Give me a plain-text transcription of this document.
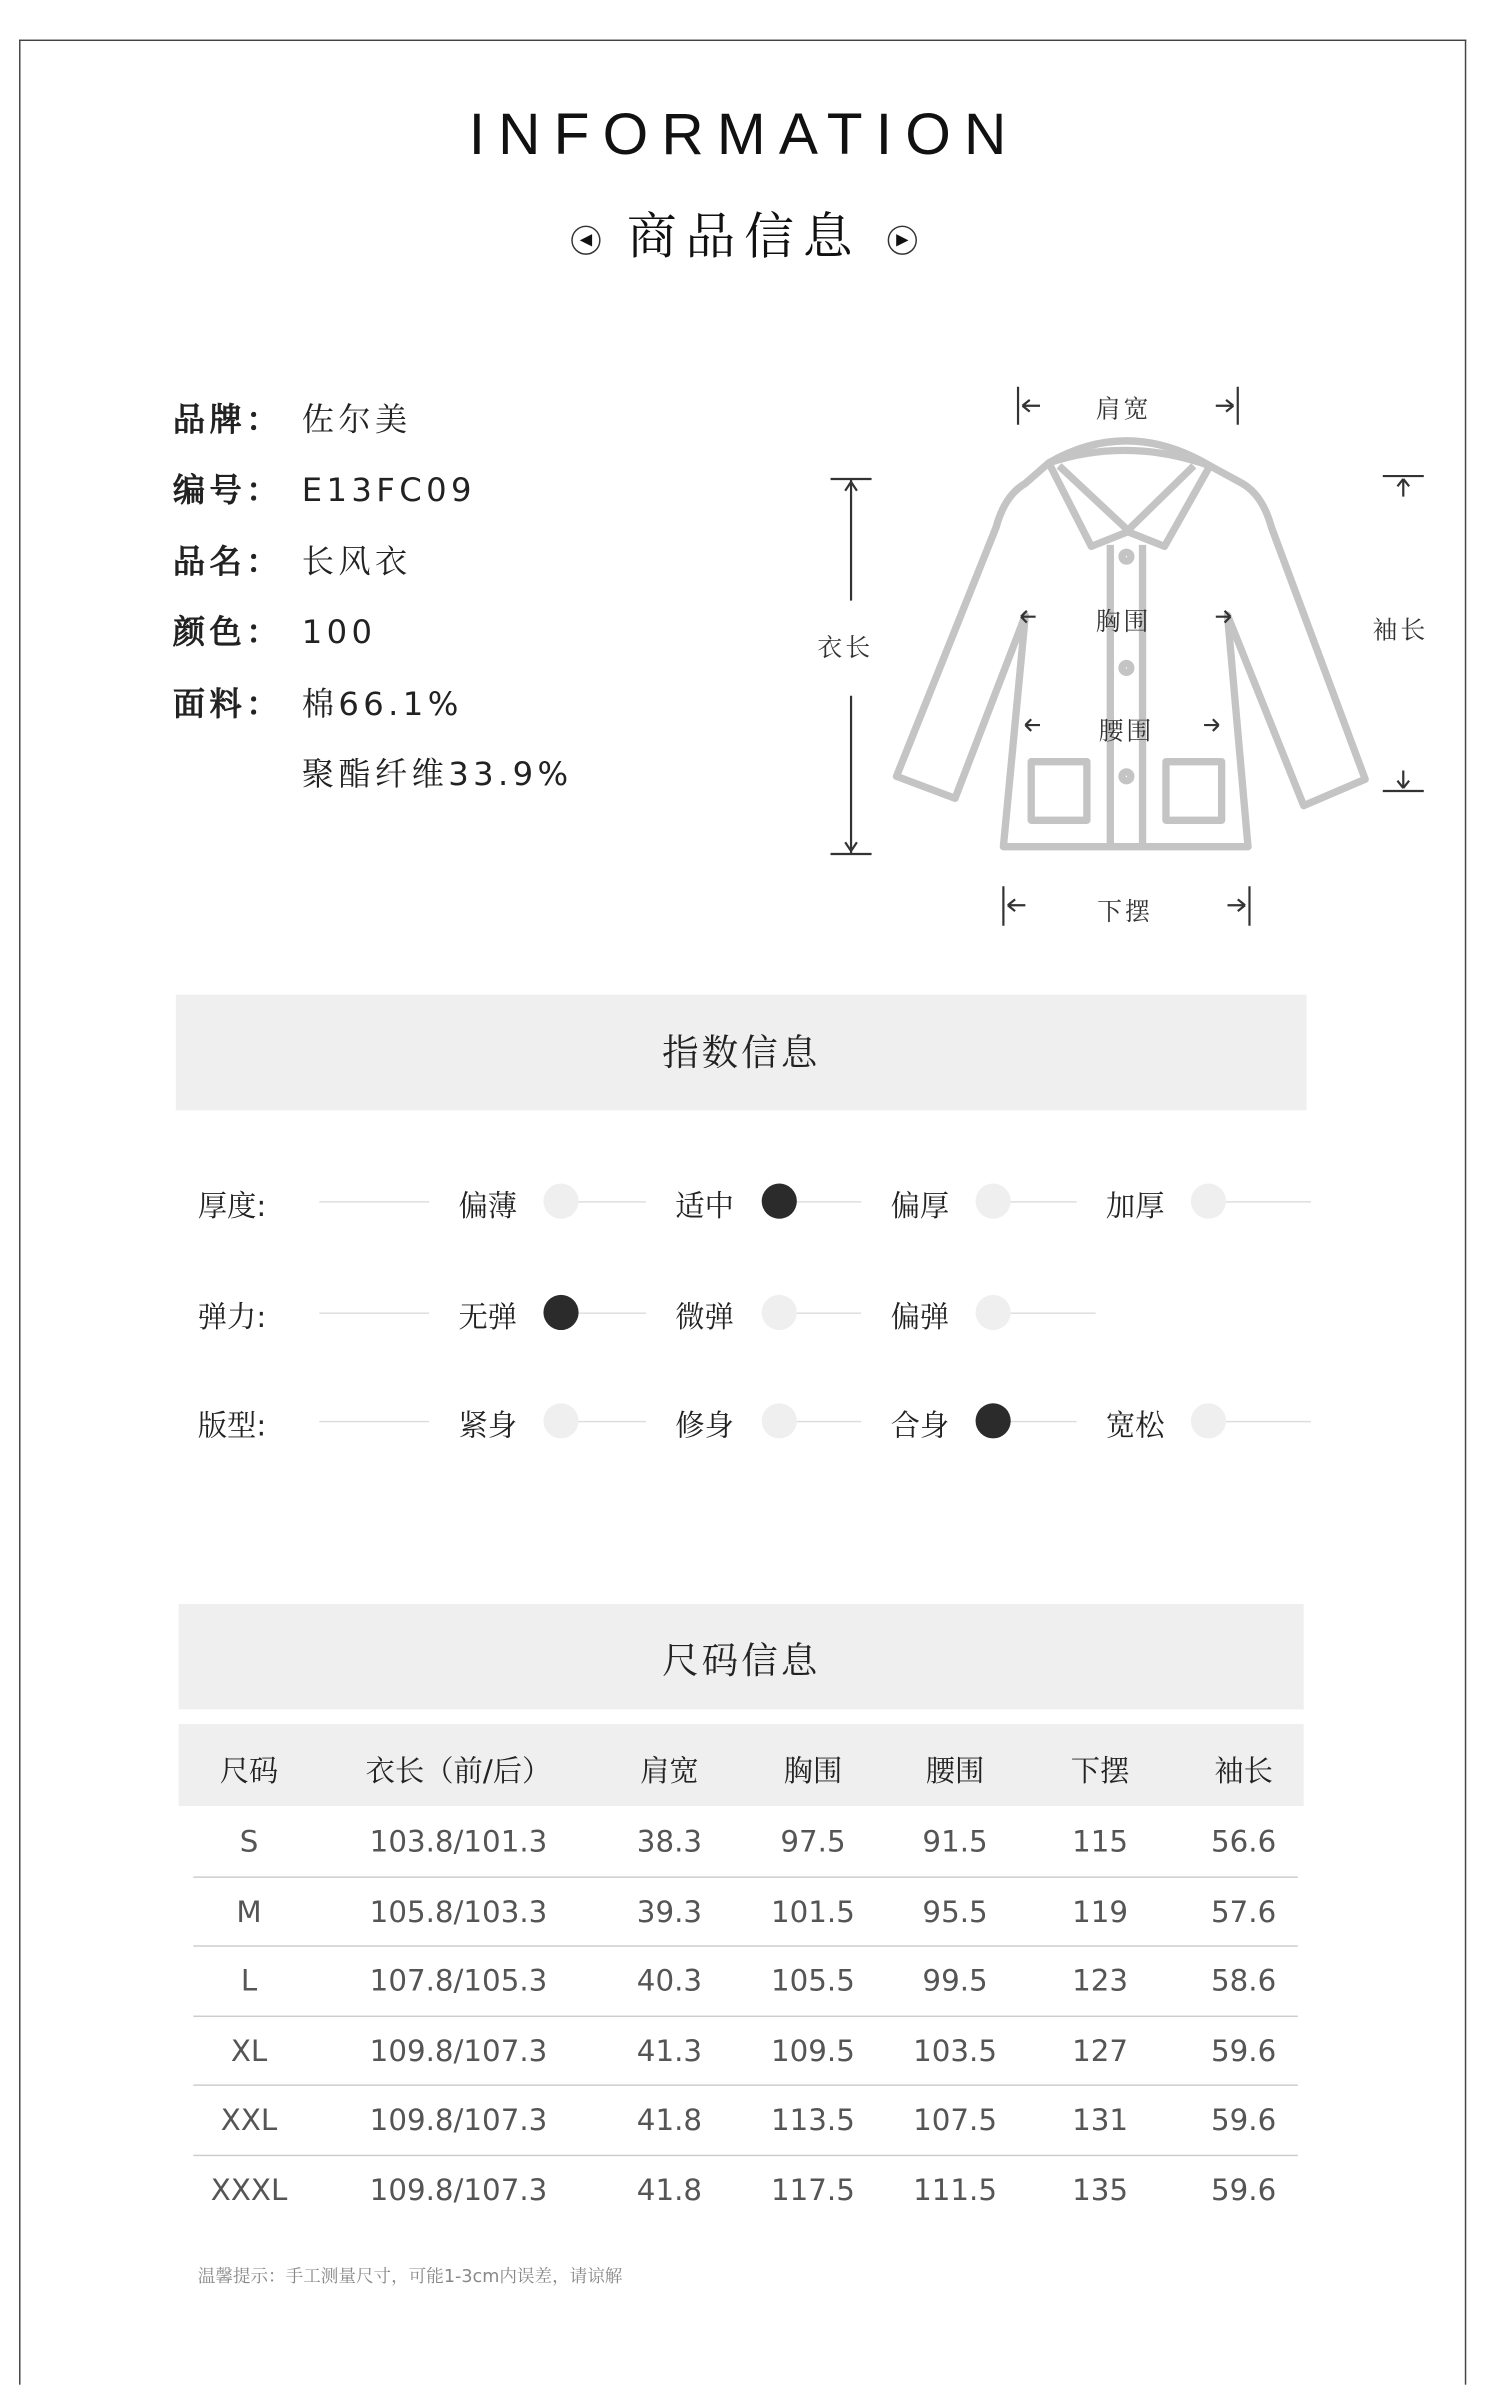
INFORMATION
◀ 商品信息	▶
品牌： 佐尔美
编号： E13FC09
品名： 长风衣
颜色： 100
面料： 棉66.1%
聚酯纤维33.9%
肩宽
衣长
胸围
腰围
下摆
袖长
指数信息
厚度:	偏薄	适中	偏厚	加厚
弹力:	无弹	微弹	偏弹
版型:	紧身	修身	合身	宽松
尺码信息
尺码	衣长（前/后）	肩宽	胸围	腰围	下摆	袖长
S	103.8/101.3	38.3	97.5	91.5	115	56.6
M	105.8/103.3	39.3	101.5	95.5	119	57.6
L	107.8/105.3	40.3	105.5	99.5	123	58.6
XL	109.8/107.3	41.3	109.5	103.5	127	59.6
XXL	109.8/107.3	41.8	113.5	107.5	131	59.6
XXXL	109.8/107.3	41.8	117.5	111.5	135	59.6
温馨提示：手工测量尺寸，可能1-3cm内误差，请谅解
